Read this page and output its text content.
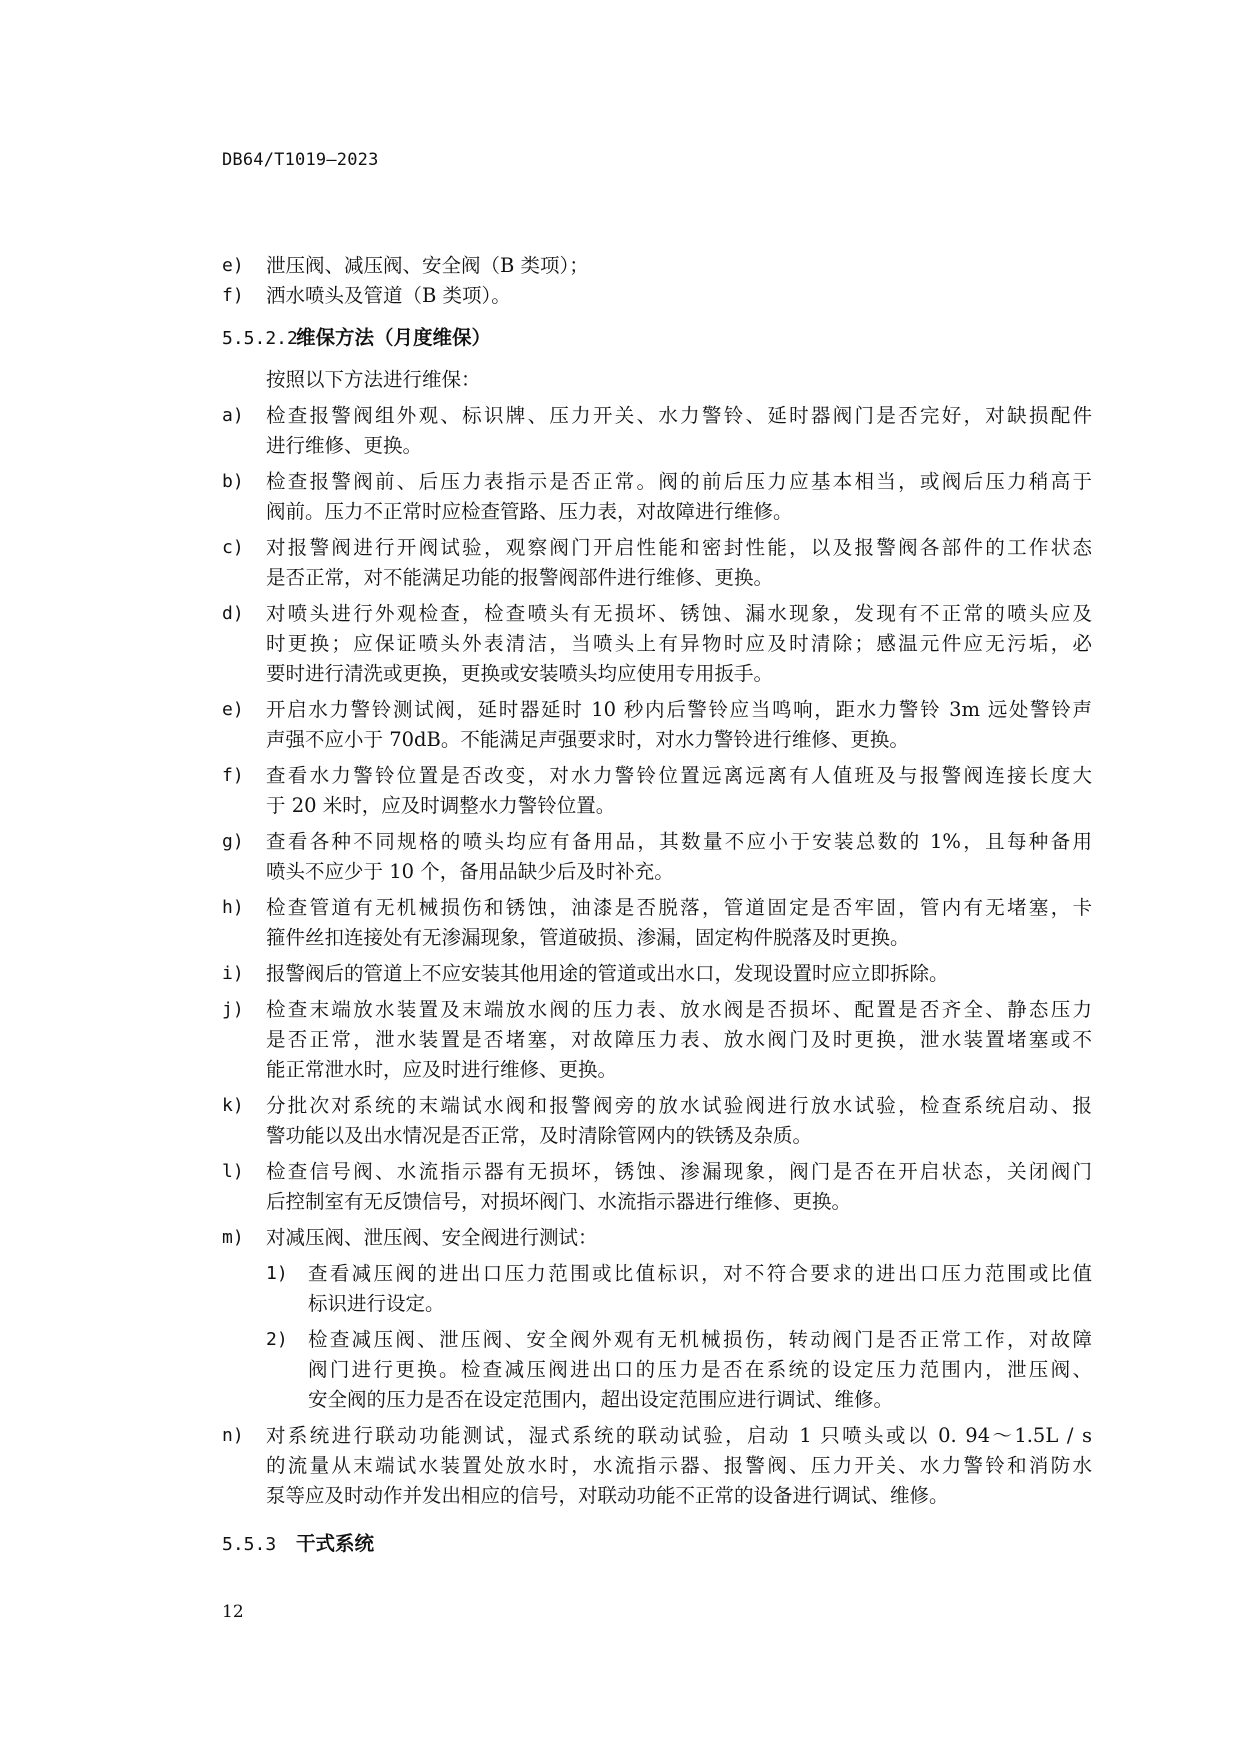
DB64/T1019—2023
e)	泄压阀、减压阀、安全阀（B 类项）；
f)	洒水喷头及管道（B 类项）。
5.5.2.2维保方法（月度维保）
按照以下方法进行维保：
a)	检查报警阀组外观、标识牌、压力开关、水力警铃、延时器阀门是否完好，对缺损配件
进行维修、更换。
b)	检查报警阀前、后压力表指示是否正常。阀的前后压力应基本相当，或阀后压力稍高于
阀前。压力不正常时应检查管路、压力表，对故障进行维修。
c)	对报警阀进行开阀试验，观察阀门开启性能和密封性能，以及报警阀各部件的工作状态
是否正常，对不能满足功能的报警阀部件进行维修、更换。
d)	对喷头进行外观检查，检查喷头有无损坏、锈蚀、漏水现象，发现有不正常的喷头应及
时更换；应保证喷头外表清洁，当喷头上有异物时应及时清除；感温元件应无污垢，必
要时进行清洗或更换，更换或安装喷头均应使用专用扳手。
e)	开启水力警铃测试阀，延时器延时 10 秒内后警铃应当鸣响，距水力警铃 3m 远处警铃声
声强不应小于 70dB。不能满足声强要求时，对水力警铃进行维修、更换。
f)	查看水力警铃位置是否改变，对水力警铃位置远离远离有人值班及与报警阀连接长度大
于 20 米时，应及时调整水力警铃位置。
g)	查看各种不同规格的喷头均应有备用品，其数量不应小于安装总数的 1%，且每种备用
喷头不应少于 10 个，备用品缺少后及时补充。
h)	检查管道有无机械损伤和锈蚀，油漆是否脱落，管道固定是否牢固，管内有无堵塞，卡
箍件丝扣连接处有无渗漏现象，管道破损、渗漏，固定构件脱落及时更换。
i)	报警阀后的管道上不应安装其他用途的管道或出水口，发现设置时应立即拆除。
j)	检查末端放水装置及末端放水阀的压力表、放水阀是否损坏、配置是否齐全、静态压力
是否正常，泄水装置是否堵塞，对故障压力表、放水阀门及时更换，泄水装置堵塞或不
能正常泄水时，应及时进行维修、更换。
k)	分批次对系统的末端试水阀和报警阀旁的放水试验阀进行放水试验，检查系统启动、报
警功能以及出水情况是否正常，及时清除管网内的铁锈及杂质。
l)	检查信号阀、水流指示器有无损坏，锈蚀、渗漏现象，阀门是否在开启状态，关闭阀门
后控制室有无反馈信号，对损坏阀门、水流指示器进行维修、更换。
m)	对减压阀、泄压阀、安全阀进行测试：
1)	查看减压阀的进出口压力范围或比值标识，对不符合要求的进出口压力范围或比值
标识进行设定。
2)	检查减压阀、泄压阀、安全阀外观有无机械损伤，转动阀门是否正常工作，对故障
阀门进行更换。检查减压阀进出口的压力是否在系统的设定压力范围内，泄压阀、
安全阀的压力是否在设定范围内，超出设定范围应进行调试、维修。
n)	对系统进行联动功能测试，湿式系统的联动试验，启动 1 只喷头或以 0. 94～1.5L / s
的流量从末端试水装置处放水时，水流指示器、报警阀、压力开关、水力警铃和消防水
泵等应及时动作并发出相应的信号，对联动功能不正常的设备进行调试、维修。
5.5.3 干式系统
12
